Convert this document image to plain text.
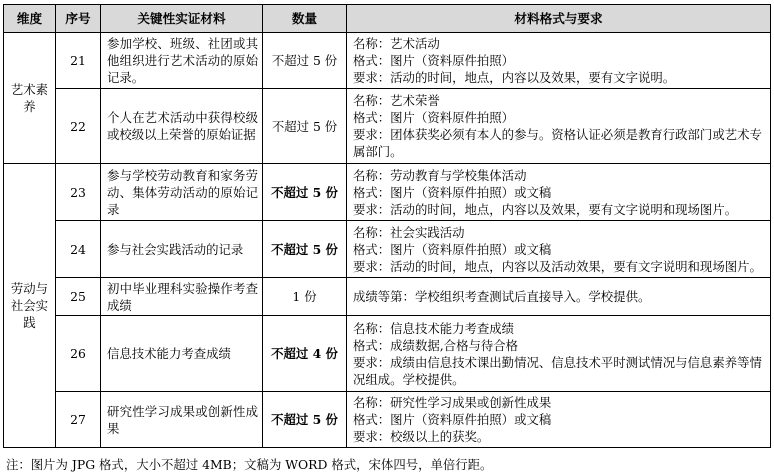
维度	序号	关键性实证材料	数量	材料格式与要求
艺术素养	21	参加学校、班级、社团或其他组织进行艺术活动的原始记录。	不超过 5 份	名称：艺术活动
格式：图片（资料原件拍照）
要求：活动的时间，地点，内容以及效果，要有文字说明。

	22	个人在艺术活动中获得校级或校级以上荣誉的原始证据	不超过 5 份	名称：艺术荣誉
格式：图片（资料原件拍照）
要求：团体获奖必须有本人的参与。资格认证必须是教育行政部门或艺术专属部门。

劳动与社会实践	23	参与学校劳动教育和家务劳动、集体劳动活动的原始记录	不超过 5 份	名称：劳动教育与学校集体活动
格式：图片（资料原件拍照）或文稿
要求：活动的时间，地点，内容以及效果，要有文字说明和现场图片。

	24	参与社会实践活动的记录	不超过 5 份	名称：社会实践活动
格式：图片（资料原件拍照）或文稿
要求：活动的时间，地点，内容以及活动效果，要有文字说明和现场图片。

	25	初中毕业理科实验操作考查成绩	1 份	成绩等第：学校组织考查测试后直接导入。学校提供。

	26	信息技术能力考查成绩	不超过 4 份	名称：信息技术能力考查成绩
格式：成绩数据,合格与待合格
要求：成绩由信息技术课出勤情况、信息技术平时测试情况与信息素养等情况组成。学校提供。

	27	研究性学习成果或创新性成果	不超过 5 份	名称：研究性学习成果或创新性成果
格式：图片（资料原件拍照）或文稿
要求：校级以上的获奖。
注：图片为 JPG 格式，大小不超过 4MB；文稿为 WORD 格式，宋体四号，单倍行距。
